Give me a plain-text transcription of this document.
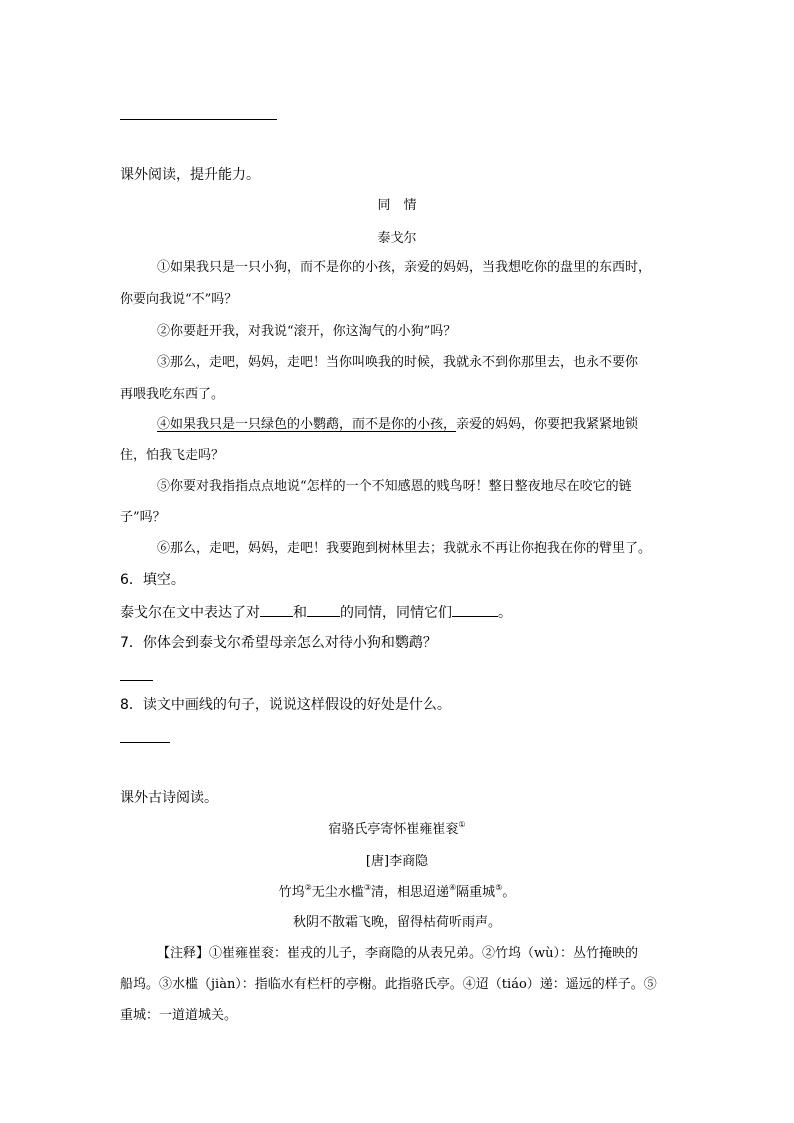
课外阅读，提升能力。
同　情
泰戈尔
①如果我只是一只小狗，而不是你的小孩，亲爱的妈妈，当我想吃你的盘里的东西时，
你要向我说“不”吗？
②你要赶开我，对我说“滚开，你这淘气的小狗”吗？
③那么，走吧，妈妈，走吧！当你叫唤我的时候，我就永不到你那里去，也永不要你
再喂我吃东西了。
④如果我只是一只绿色的小鹦鹉，而不是你的小孩，亲爱的妈妈，你要把我紧紧地锁
住，怕我飞走吗？
⑤你要对我指指点点地说“怎样的一个不知感恩的贱鸟呀！整日整夜地尽在咬它的链
子”吗？
⑥那么，走吧，妈妈，走吧！我要跑到树林里去；我就永不再让你抱我在你的臂里了。
6．填空。
泰戈尔在文中表达了对 和 的同情，同情它们	。
7．你体会到泰戈尔希望母亲怎么对待小狗和鹦鹉？
8．读文中画线的句子，说说这样假设的好处是什么。
课外古诗阅读。
宿骆氏亭寄怀崔雍崔衮①
[唐]李商隐
竹坞②无尘水槛③清，相思迢递④隔重城⑤。
秋阴不散霜飞晚，留得枯荷听雨声。
【注释】①崔雍崔衮：崔戎的儿子，李商隐的从表兄弟。②竹坞（wù）：丛竹掩映的
船坞。③水槛（jiàn）：指临水有栏杆的亭榭。此指骆氏亭。④迢（tiáo）递：遥远的样子。⑤
重城：一道道城关。
